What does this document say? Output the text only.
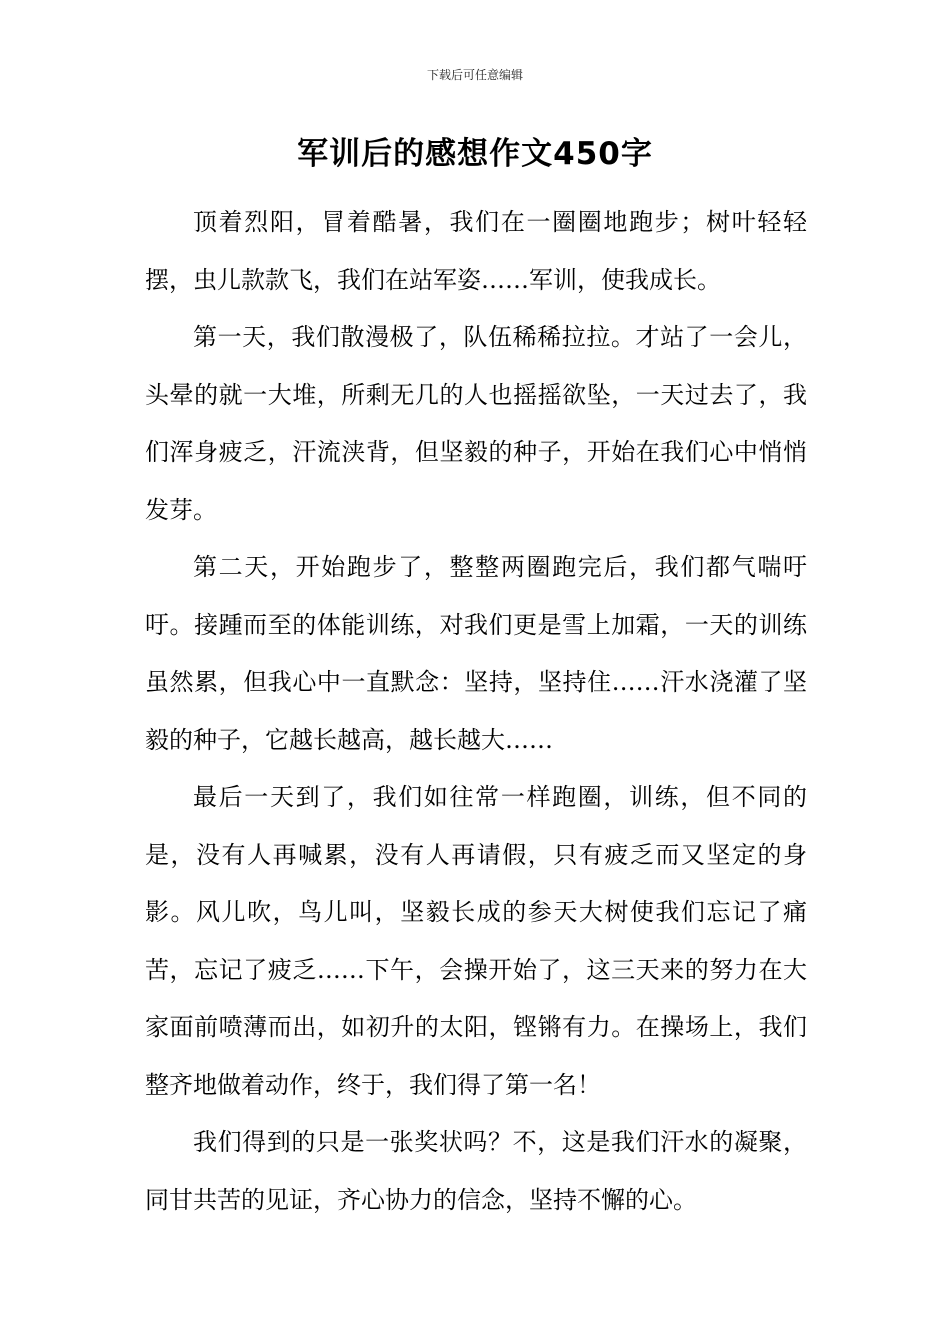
下载后可任意编辑
军训后的感想作文450字

顶着烈阳，冒着酷暑，我们在一圈圈地跑步；树叶轻轻摆，虫儿款款飞，我们在站军姿……军训，使我成长。

第一天，我们散漫极了，队伍稀稀拉拉。才站了一会儿，头晕的就一大堆，所剩无几的人也摇摇欲坠，一天过去了，我们浑身疲乏，汗流浃背，但坚毅的种子，开始在我们心中悄悄发芽。

第二天，开始跑步了，整整两圈跑完后，我们都气喘吁吁。接踵而至的体能训练，对我们更是雪上加霜，一天的训练虽然累，但我心中一直默念：坚持，坚持住……汗水浇灌了坚毅的种子，它越长越高，越长越大……

最后一天到了，我们如往常一样跑圈，训练，但不同的是，没有人再喊累，没有人再请假，只有疲乏而又坚定的身影。风儿吹，鸟儿叫，坚毅长成的参天大树使我们忘记了痛苦，忘记了疲乏……下午，会操开始了，这三天来的努力在大家面前喷薄而出，如初升的太阳，铿锵有力。在操场上，我们整齐地做着动作，终于，我们得了第一名！

我们得到的只是一张奖状吗？不，这是我们汗水的凝聚，同甘共苦的见证，齐心协力的信念，坚持不懈的心。
